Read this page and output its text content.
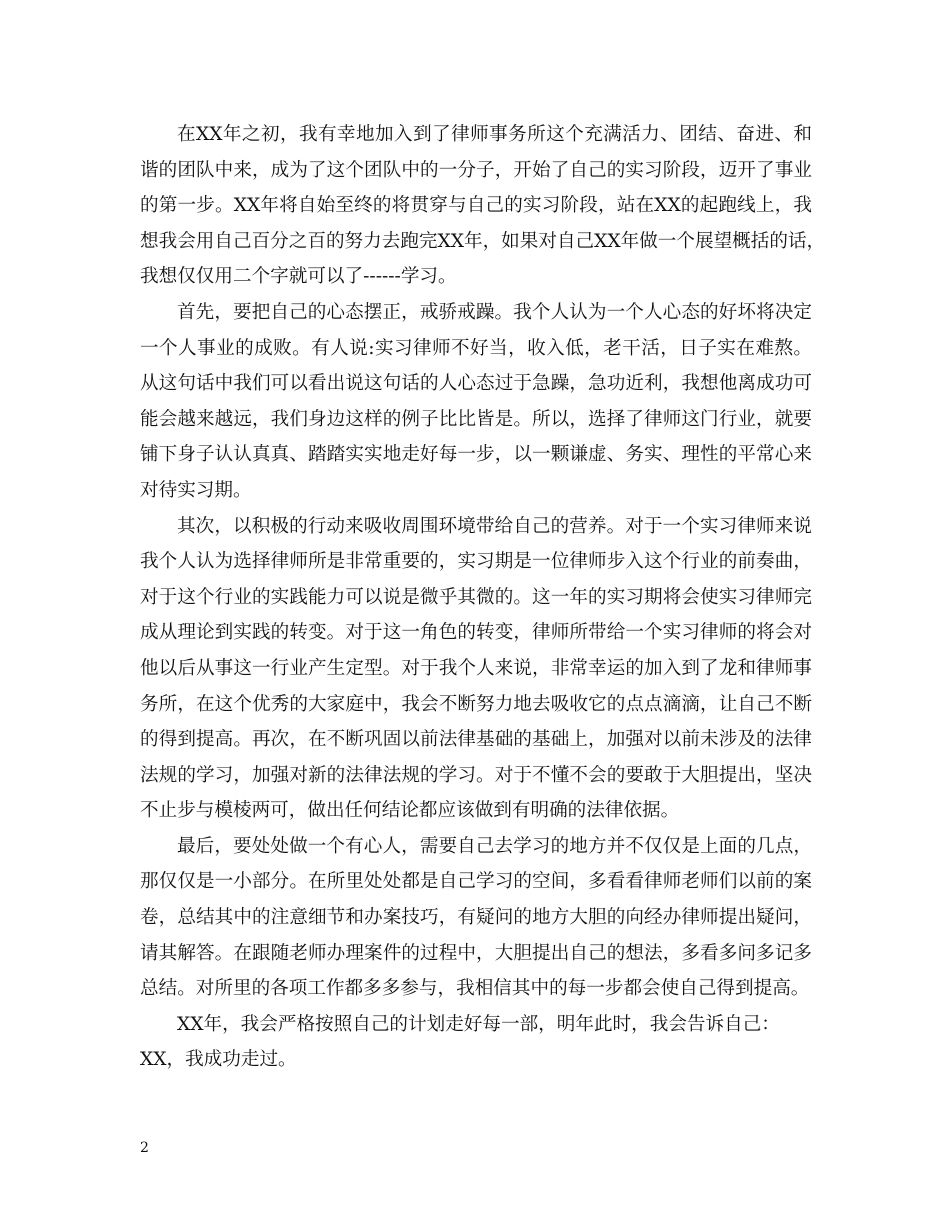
在XX年之初，我有幸地加入到了律师事务所这个充满活力、团结、奋进、和
谐的团队中来，成为了这个团队中的一分子，开始了自己的实习阶段，迈开了事业
的第一步。XX年将自始至终的将贯穿与自己的实习阶段，站在XX的起跑线上，我
想我会用自己百分之百的努力去跑完XX年，如果对自己XX年做一个展望概括的话，
我想仅仅用二个字就可以了------学习。
首先，要把自己的心态摆正，戒骄戒躁。我个人认为一个人心态的好坏将决定
一个人事业的成败。有人说:实习律师不好当，收入低，老干活，日子实在难熬。
从这句话中我们可以看出说这句话的人心态过于急躁，急功近利，我想他离成功可
能会越来越远，我们身边这样的例子比比皆是。所以，选择了律师这门行业，就要
铺下身子认认真真、踏踏实实地走好每一步，以一颗谦虚、务实、理性的平常心来
对待实习期。
其次，以积极的行动来吸收周围环境带给自己的营养。对于一个实习律师来说
我个人认为选择律师所是非常重要的，实习期是一位律师步入这个行业的前奏曲，
对于这个行业的实践能力可以说是微乎其微的。这一年的实习期将会使实习律师完
成从理论到实践的转变。对于这一角色的转变，律师所带给一个实习律师的将会对
他以后从事这一行业产生定型。对于我个人来说，非常幸运的加入到了龙和律师事
务所，在这个优秀的大家庭中，我会不断努力地去吸收它的点点滴滴，让自己不断
的得到提高。再次，在不断巩固以前法律基础的基础上，加强对以前未涉及的法律
法规的学习，加强对新的法律法规的学习。对于不懂不会的要敢于大胆提出，坚决
不止步与模棱两可，做出任何结论都应该做到有明确的法律依据。
最后，要处处做一个有心人，需要自己去学习的地方并不仅仅是上面的几点，
那仅仅是一小部分。在所里处处都是自己学习的空间，多看看律师老师们以前的案
卷，总结其中的注意细节和办案技巧，有疑问的地方大胆的向经办律师提出疑问，
请其解答。在跟随老师办理案件的过程中，大胆提出自己的想法，多看多问多记多
总结。对所里的各项工作都多多参与，我相信其中的每一步都会使自己得到提高。
XX年，我会严格按照自己的计划走好每一部，明年此时，我会告诉自己：
XX，我成功走过。
2
